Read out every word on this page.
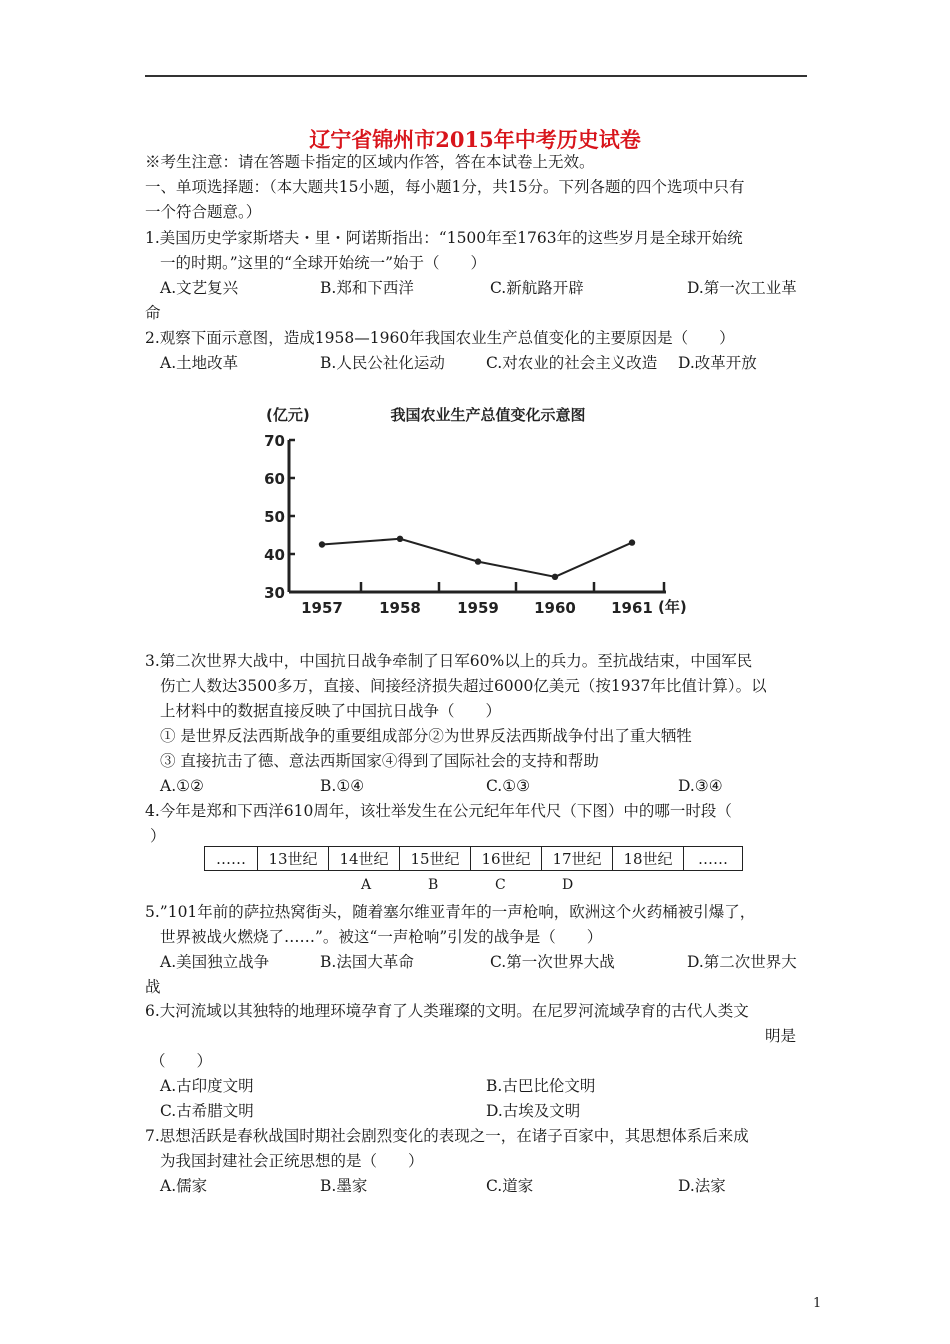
辽宁省锦州市2015年中考历史试卷
※考生注意：请在答题卡指定的区域内作答，答在本试卷上无效。
一、单项选择题：（本大题共15小题，每小题1分，共15分。下列各题的四个选项中只有
一个符合题意。）
1.美国历史学家斯塔夫・里・阿诺斯指出：“1500年至1763年的这些岁月是全球开始统
一的时期。”这里的“全球开始统一”始于（　　）
A.文艺复兴	B.郑和下西洋	C.新航路开辟	D.第一次工业革
命
2.观察下面示意图，造成1958—1960年我国农业生产总值变化的主要原因是（　　）
A.土地改革	B.人民公社化运动	C.对农业的社会主义改造 D.改革开放
我国农业生产总值变化示意图
(亿元)
(年)
70
60
50
40
30
1957 1958 1959 1960 1961
3.第二次世界大战中，中国抗日战争牵制了日军60%以上的兵力。至抗战结束，中国军民
伤亡人数达3500多万，直接、间接经济损失超过6000亿美元（按1937年比值计算）。以
上材料中的数据直接反映了中国抗日战争（　　）
① 是世界反法西斯战争的重要组成部分②为世界反法西斯战争付出了重大牺牲
③ 直接抗击了德、意法西斯国家④得到了国际社会的支持和帮助
A.①②	B.①④	C.①③	D.③④
4.今年是郑和下西洋610周年，该壮举发生在公元纪年年代尺（下图）中的哪一时段（
）
……	13世纪	14世纪	15世纪	16世纪	17世纪	18世纪	……
A	B	C	D
5.”101年前的萨拉热窝街头，随着塞尔维亚青年的一声枪响，欧洲这个火药桶被引爆了，
世界被战火燃烧了……”。被这“一声枪响”引发的战争是（　　）
A.美国独立战争	B.法国大革命	C.第一次世界大战	D.第二次世界大
战
6.大河流域以其独特的地理环境孕育了人类璀璨的文明。在尼罗河流域孕育的古代人类文
明是
（　　）
A.古印度文明	B.古巴比伦文明
C.古希腊文明	D.古埃及文明
7.思想活跃是春秋战国时期社会剧烈变化的表现之一，在诸子百家中，其思想体系后来成
为我国封建社会正统思想的是（　　）
A.儒家	B.墨家	C.道家	D.法家
1
